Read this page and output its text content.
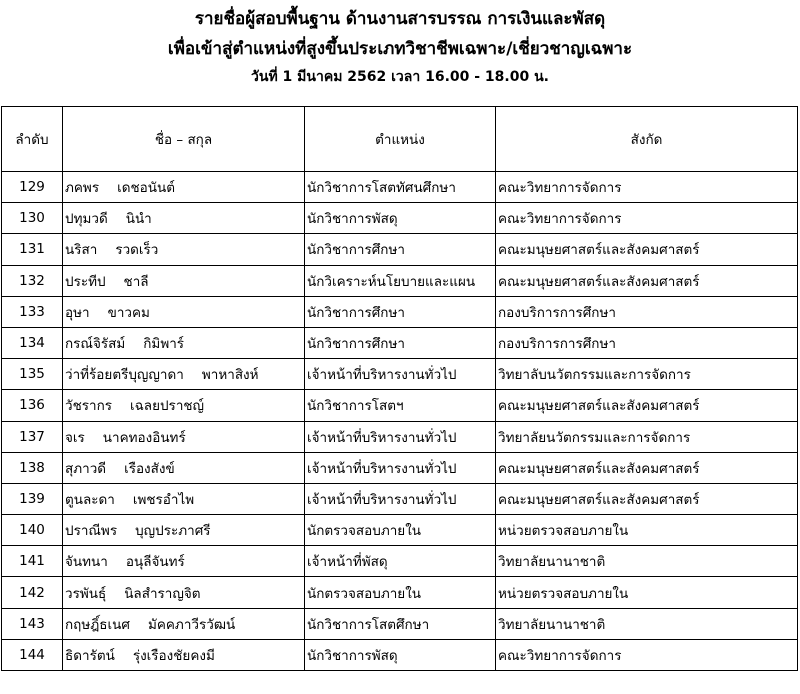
รายชื่อผู้สอบพื้นฐาน ด้านงานสารบรรณ การเงินและพัสดุ
เพื่อเข้าสู่ตำแหน่งที่สูงขึ้นประเภทวิชาชีพเฉพาะ/เชี่ยวชาญเฉพาะ
วันที่ 1 มีนาคม 2562 เวลา 16.00 - 18.00 น.
ลำดับ	ชื่อ – สกุล	ตำแหน่ง	สังกัด
129	ภคพร เดชอนันต์	นักวิชาการโสตทัศนศึกษา	คณะวิทยาการจัดการ
130	ปทุมวดี นินำ	นักวิชาการพัสดุ	คณะวิทยาการจัดการ
131	นริสา รวดเร็ว	นักวิชาการศึกษา	คณะมนุษยศาสตร์และสังคมศาสตร์
132	ประทีป ชาลี	นักวิเคราะห์นโยบายและแผน	คณะมนุษยศาสตร์และสังคมศาสตร์
133	อุษา ขาวคม	นักวิชาการศึกษา	กองบริการการศึกษา
134	กรณ์จิรัสม์ กิมิพาร์	นักวิชาการศึกษา	กองบริการการศึกษา
135	ว่าที่ร้อยตรีบุญญาดา พาหาสิงห์	เจ้าหน้าที่บริหารงานทั่วไป	วิทยาลับนวัตกรรมและการจัดการ
136	วัชรากร เฉลยปราชญ์	นักวิชาการโสตฯ	คณะมนุษยศาสตร์และสังคมศาสตร์
137	จเร นาคทองอินทร์	เจ้าหน้าที่บริหารงานทั่วไป	วิทยาลัยนวัตกรรมและการจัดการ
138	สุภาวดี เรืองสังข์	เจ้าหน้าที่บริหารงานทั่วไป	คณะมนุษยศาสตร์และสังคมศาสตร์
139	ตูนละดา เพชรอำไพ	เจ้าหน้าที่บริหารงานทั่วไป	คณะมนุษยศาสตร์และสังคมศาสตร์
140	ปราณีพร บุญประภาศรี	นักตรวจสอบภายใน	หน่วยตรวจสอบภายใน
141	จันทนา อนุลีจันทร์	เจ้าหน้าที่พัสดุ	วิทยาลัยนานาชาติ
142	วรพันธุ์ นิลสำราญจิต	นักตรวจสอบภายใน	หน่วยตรวจสอบภายใน
143	กฤษฎิ์ธเนศ มัคคภาวีรวัฒน์	นักวิชาการโสตศึกษา	วิทยาลัยนานาชาติ
144	ธิดารัตน์ รุ่งเรืองชัยคงมี	นักวิชาการพัสดุ	คณะวิทยาการจัดการ
